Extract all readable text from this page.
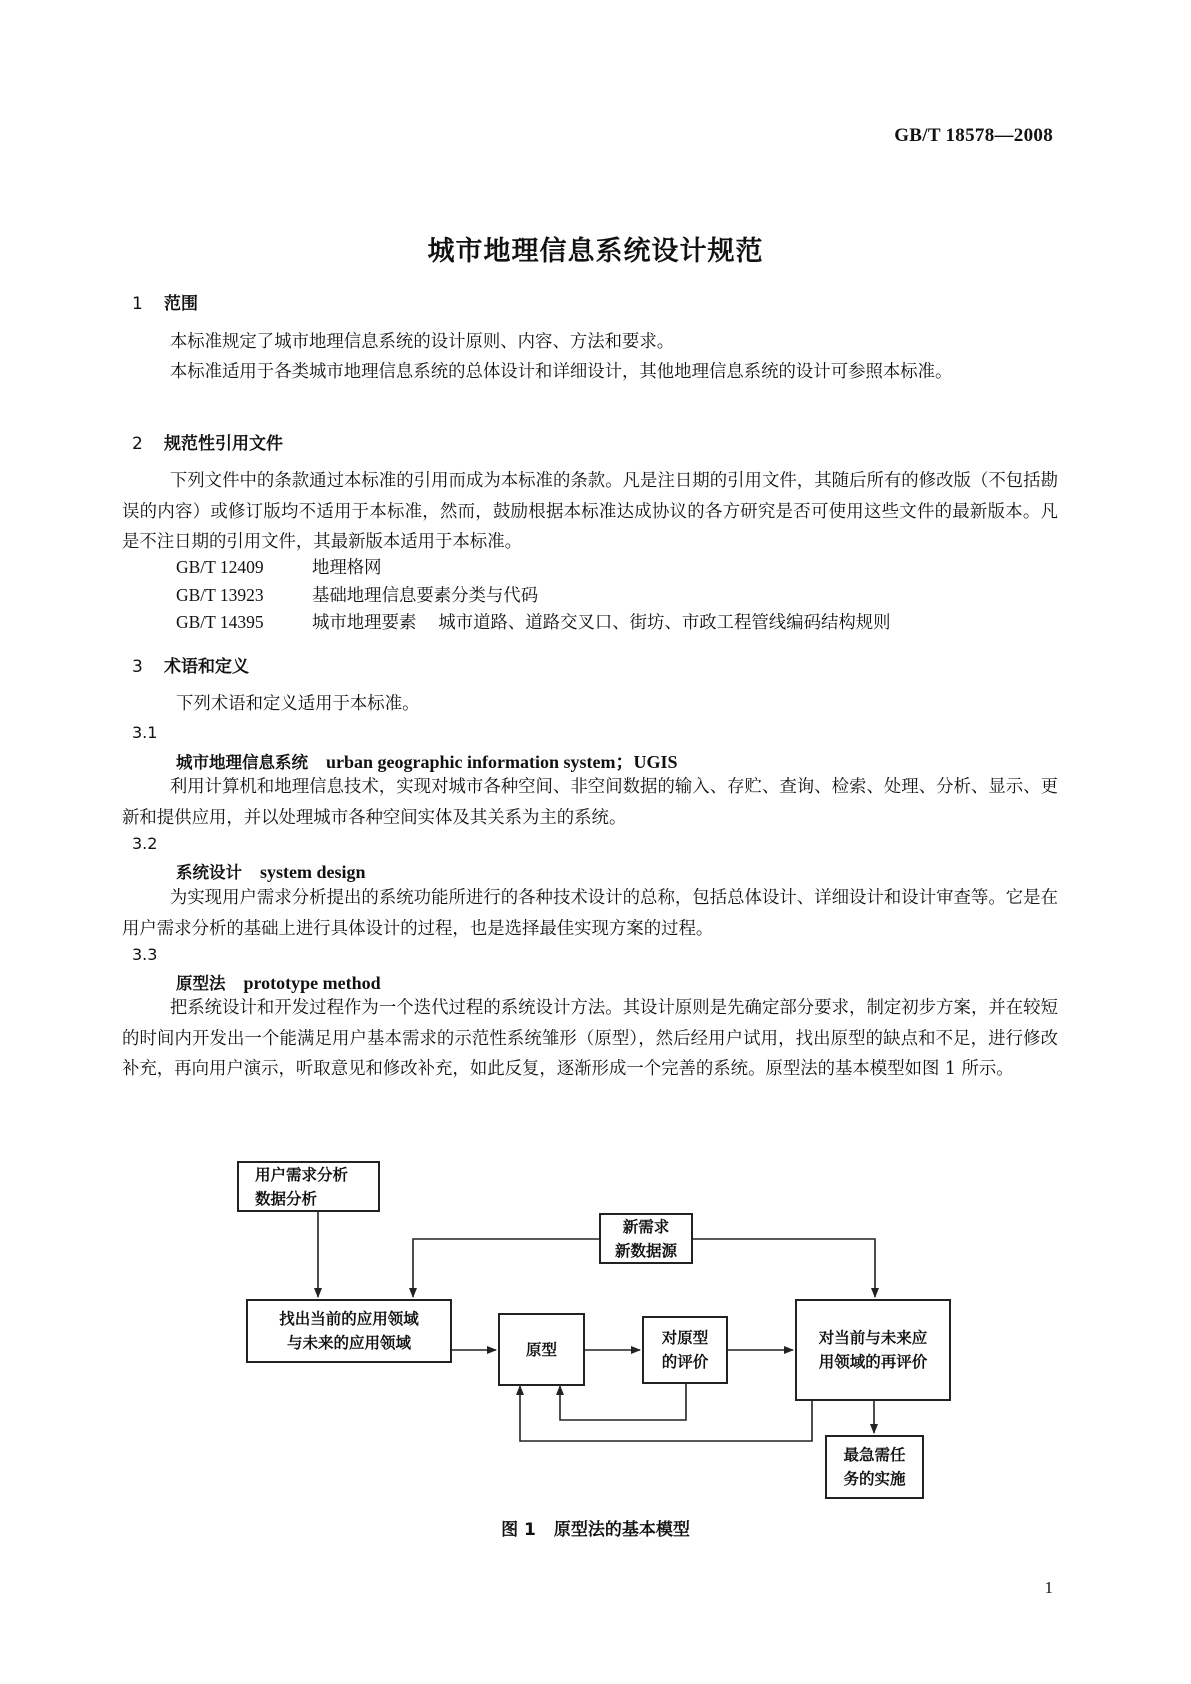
GB/T 18578—2008
城市地理信息系统设计规范
1 范围
本标准规定了城市地理信息系统的设计原则、内容、方法和要求。
本标准适用于各类城市地理信息系统的总体设计和详细设计，其他地理信息系统的设计可参照本标准。
2 规范性引用文件
下列文件中的条款通过本标准的引用而成为本标准的条款。凡是注日期的引用文件，其随后所有的修改版（不包括勘误的内容）或修订版均不适用于本标准，然而，鼓励根据本标准达成协议的各方研究是否可使用这些文件的最新版本。凡是不注日期的引用文件，其最新版本适用于本标准。
GB/T 12409	地理格网
GB/T 13923	基础地理信息要素分类与代码
GB/T 14395	城市地理要素 城市道路、道路交叉口、街坊、市政工程管线编码结构规则
3 术语和定义
下列术语和定义适用于本标准。
3.1
城市地理信息系统 urban geographic information system；UGIS
利用计算机和地理信息技术，实现对城市各种空间、非空间数据的输入、存贮、查询、检索、处理、分析、显示、更新和提供应用，并以处理城市各种空间实体及其关系为主的系统。
3.2
系统设计 system design
为实现用户需求分析提出的系统功能所进行的各种技术设计的总称，包括总体设计、详细设计和设计审查等。它是在用户需求分析的基础上进行具体设计的过程，也是选择最佳实现方案的过程。
3.3
原型法 prototype method
把系统设计和开发过程作为一个迭代过程的系统设计方法。其设计原则是先确定部分要求，制定初步方案，并在较短的时间内开发出一个能满足用户基本需求的示范性系统雏形（原型），然后经用户试用，找出原型的缺点和不足，进行修改补充，再向用户演示，听取意见和修改补充，如此反复，逐渐形成一个完善的系统。原型法的基本模型如图 1 所示。
用户需求分析
数据分析
新需求
新数据源
找出当前的应用领域
与未来的应用领域	原型
对原型
的评价
对当前与未来应
用领域的再评价
最急需任
务的实施
图 1 原型法的基本模型
1
